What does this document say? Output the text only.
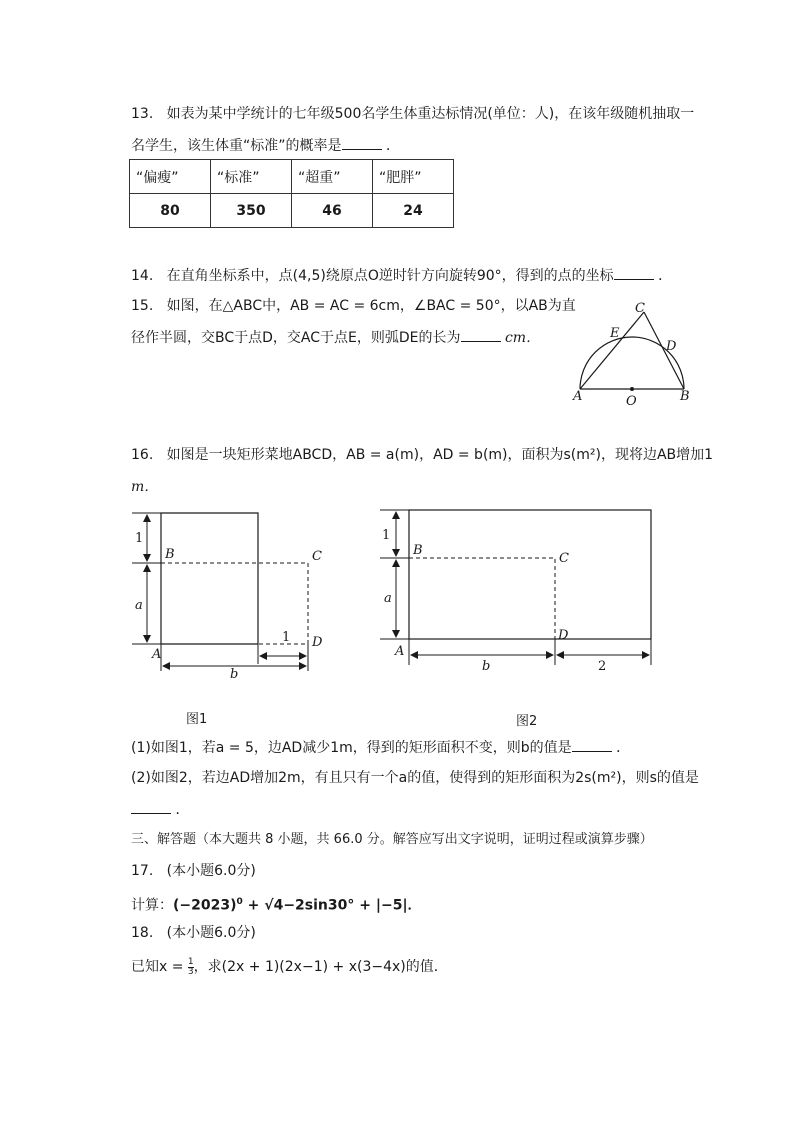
13. 如表为某中学统计的七年级500名学生体重达标情况(单位：人)，在该年级随机抽取一
名学生，该生体重“标准”的概率是	．
“偏瘦”	“标准”	“超重”	“肥胖”
80	350	46	24
14. 在直角坐标系中，点(4,5)绕原点O逆时针方向旋转90°，得到的点的坐标	．
15. 如图，在△ABC中，AB = AC = 6cm，∠BAC = 50°，以AB为直
径作半圆，交BC于点D，交AC于点E，则弧DE的长为	cm．
A	B
C
D
E
O
16. 如图是一块矩形菜地ABCD，AB = a(m)，AD = b(m)，面积为s(m²)，现将边AB增加1
m．
1
a
B	C
A
D
1
b
图1
1
a
B
C
A
D
b	2
图2
(1)如图1，若a = 5，边AD减少1m，得到的矩形面积不变，则b的值是	．
(2)如图2，若边AD增加2m，有且只有一个a的值，使得到的矩形面积为2s(m²)，则s的值是
．
三、解答题（本大题共 8 小题，共 66.0 分。解答应写出文字说明，证明过程或演算步骤）
17. (本小题6.0分)
计算：$(-2023)^0 + √4-2\sin 30^\circ + |-5|$．
18. (本小题6.0分)
已知$x = \frac{1}{3}$ ，求(2x + 1)(2x−1) + x(3−4x)的值．
